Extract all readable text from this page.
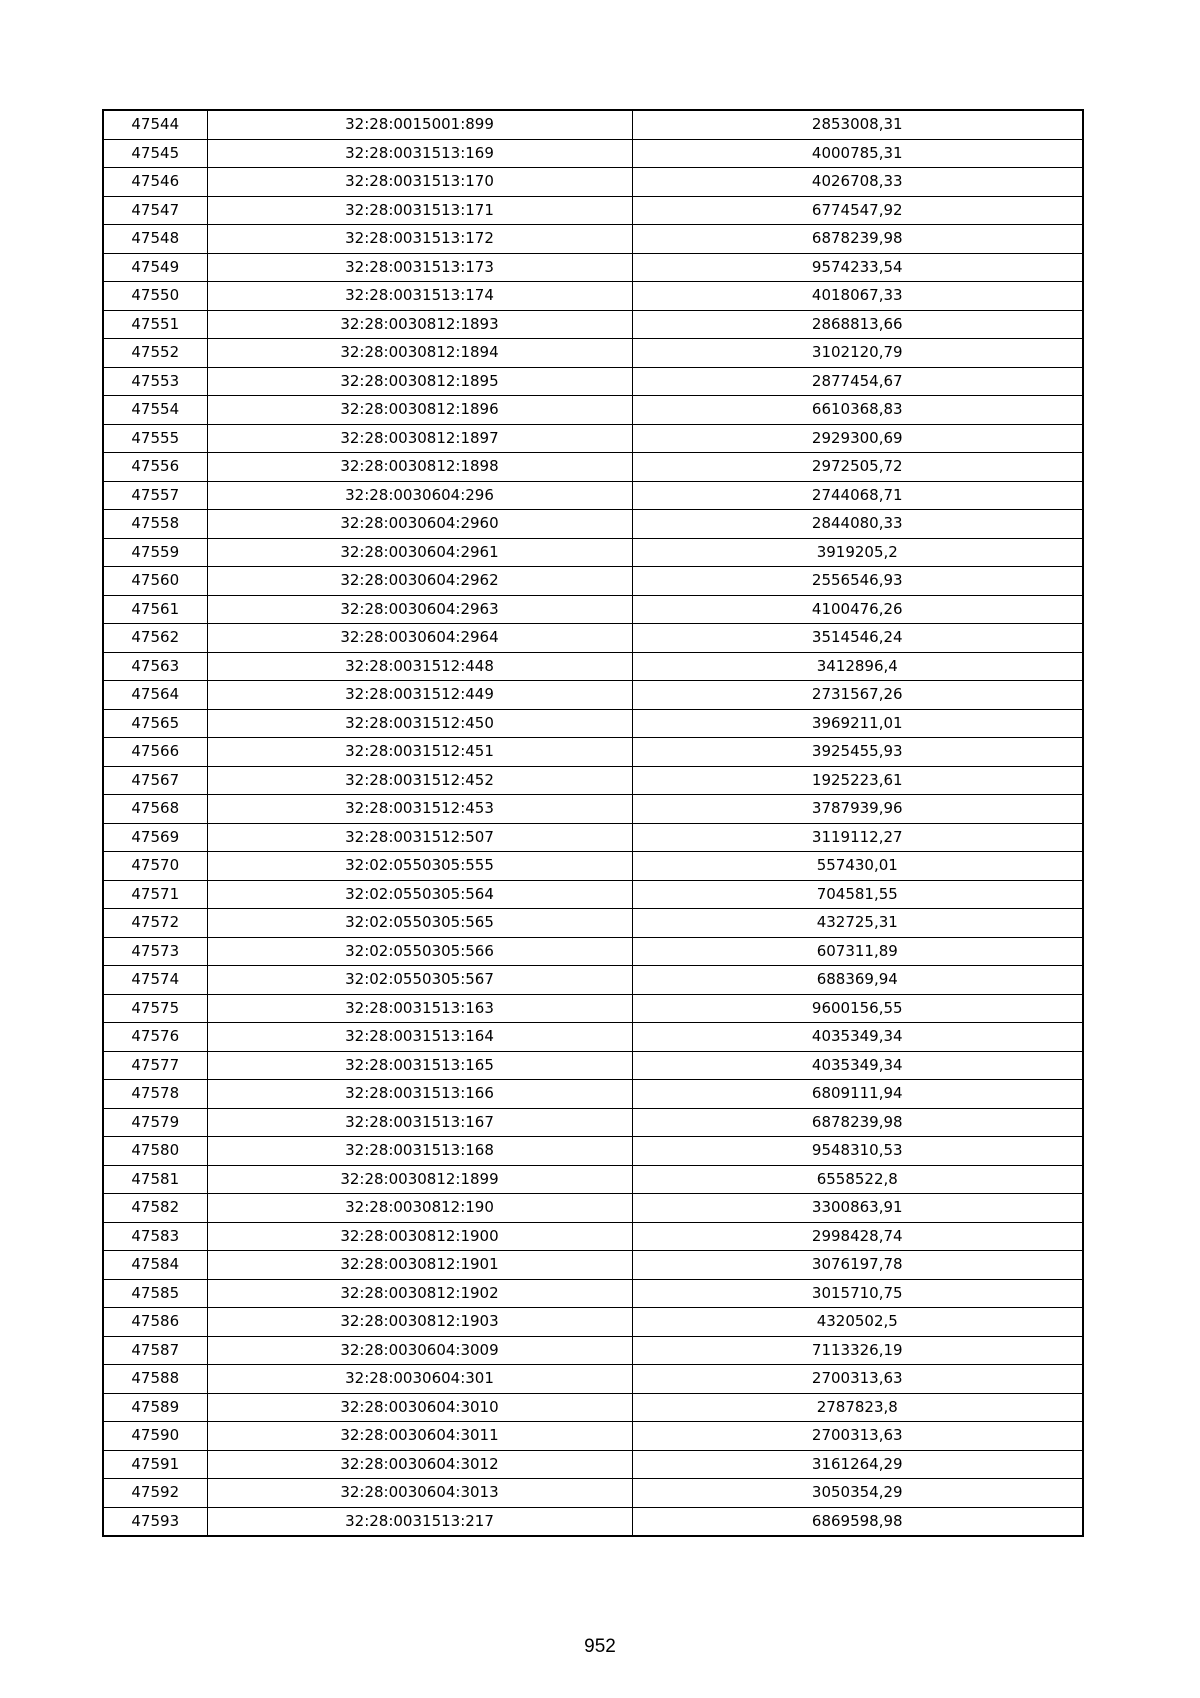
47544	32:28:0015001:899	2853008,31
47545	32:28:0031513:169	4000785,31
47546	32:28:0031513:170	4026708,33
47547	32:28:0031513:171	6774547,92
47548	32:28:0031513:172	6878239,98
47549	32:28:0031513:173	9574233,54
47550	32:28:0031513:174	4018067,33
47551	32:28:0030812:1893	2868813,66
47552	32:28:0030812:1894	3102120,79
47553	32:28:0030812:1895	2877454,67
47554	32:28:0030812:1896	6610368,83
47555	32:28:0030812:1897	2929300,69
47556	32:28:0030812:1898	2972505,72
47557	32:28:0030604:296	2744068,71
47558	32:28:0030604:2960	2844080,33
47559	32:28:0030604:2961	3919205,2
47560	32:28:0030604:2962	2556546,93
47561	32:28:0030604:2963	4100476,26
47562	32:28:0030604:2964	3514546,24
47563	32:28:0031512:448	3412896,4
47564	32:28:0031512:449	2731567,26
47565	32:28:0031512:450	3969211,01
47566	32:28:0031512:451	3925455,93
47567	32:28:0031512:452	1925223,61
47568	32:28:0031512:453	3787939,96
47569	32:28:0031512:507	3119112,27
47570	32:02:0550305:555	557430,01
47571	32:02:0550305:564	704581,55
47572	32:02:0550305:565	432725,31
47573	32:02:0550305:566	607311,89
47574	32:02:0550305:567	688369,94
47575	32:28:0031513:163	9600156,55
47576	32:28:0031513:164	4035349,34
47577	32:28:0031513:165	4035349,34
47578	32:28:0031513:166	6809111,94
47579	32:28:0031513:167	6878239,98
47580	32:28:0031513:168	9548310,53
47581	32:28:0030812:1899	6558522,8
47582	32:28:0030812:190	3300863,91
47583	32:28:0030812:1900	2998428,74
47584	32:28:0030812:1901	3076197,78
47585	32:28:0030812:1902	3015710,75
47586	32:28:0030812:1903	4320502,5
47587	32:28:0030604:3009	7113326,19
47588	32:28:0030604:301	2700313,63
47589	32:28:0030604:3010	2787823,8
47590	32:28:0030604:3011	2700313,63
47591	32:28:0030604:3012	3161264,29
47592	32:28:0030604:3013	3050354,29
47593	32:28:0031513:217	6869598,98
952
